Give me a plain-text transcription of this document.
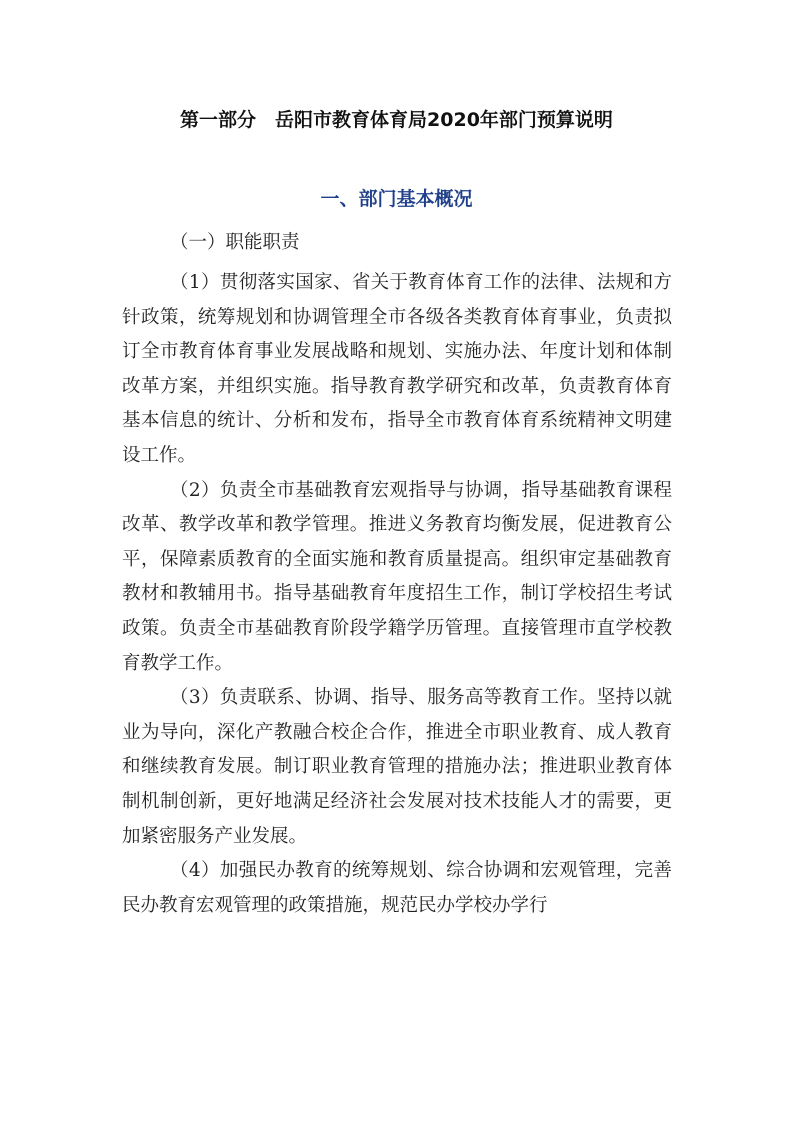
第一部分　岳阳市教育体育局2020年部门预算说明
一、部门基本概况
（一）职能职责

（1）贯彻落实国家、省关于教育体育工作的法律、法规和方针政策，统筹规划和协调管理全市各级各类教育体育事业，负责拟订全市教育体育事业发展战略和规划、实施办法、年度计划和体制改革方案，并组织实施。指导教育教学研究和改革，负责教育体育基本信息的统计、分析和发布，指导全市教育体育系统精神文明建设工作。

（2）负责全市基础教育宏观指导与协调，指导基础教育课程改革、教学改革和教学管理。推进义务教育均衡发展，促进教育公平，保障素质教育的全面实施和教育质量提高。组织审定基础教育教材和教辅用书。指导基础教育年度招生工作，制订学校招生考试政策。负责全市基础教育阶段学籍学历管理。直接管理市直学校教育教学工作。

（3）负责联系、协调、指导、服务高等教育工作。坚持以就业为导向，深化产教融合校企合作，推进全市职业教育、成人教育和继续教育发展。制订职业教育管理的措施办法；推进职业教育体制机制创新，更好地满足经济社会发展对技术技能人才的需要，更加紧密服务产业发展。

（4）加强民办教育的统筹规划、综合协调和宏观管理，完善民办教育宏观管理的政策措施，规范民办学校办学行
